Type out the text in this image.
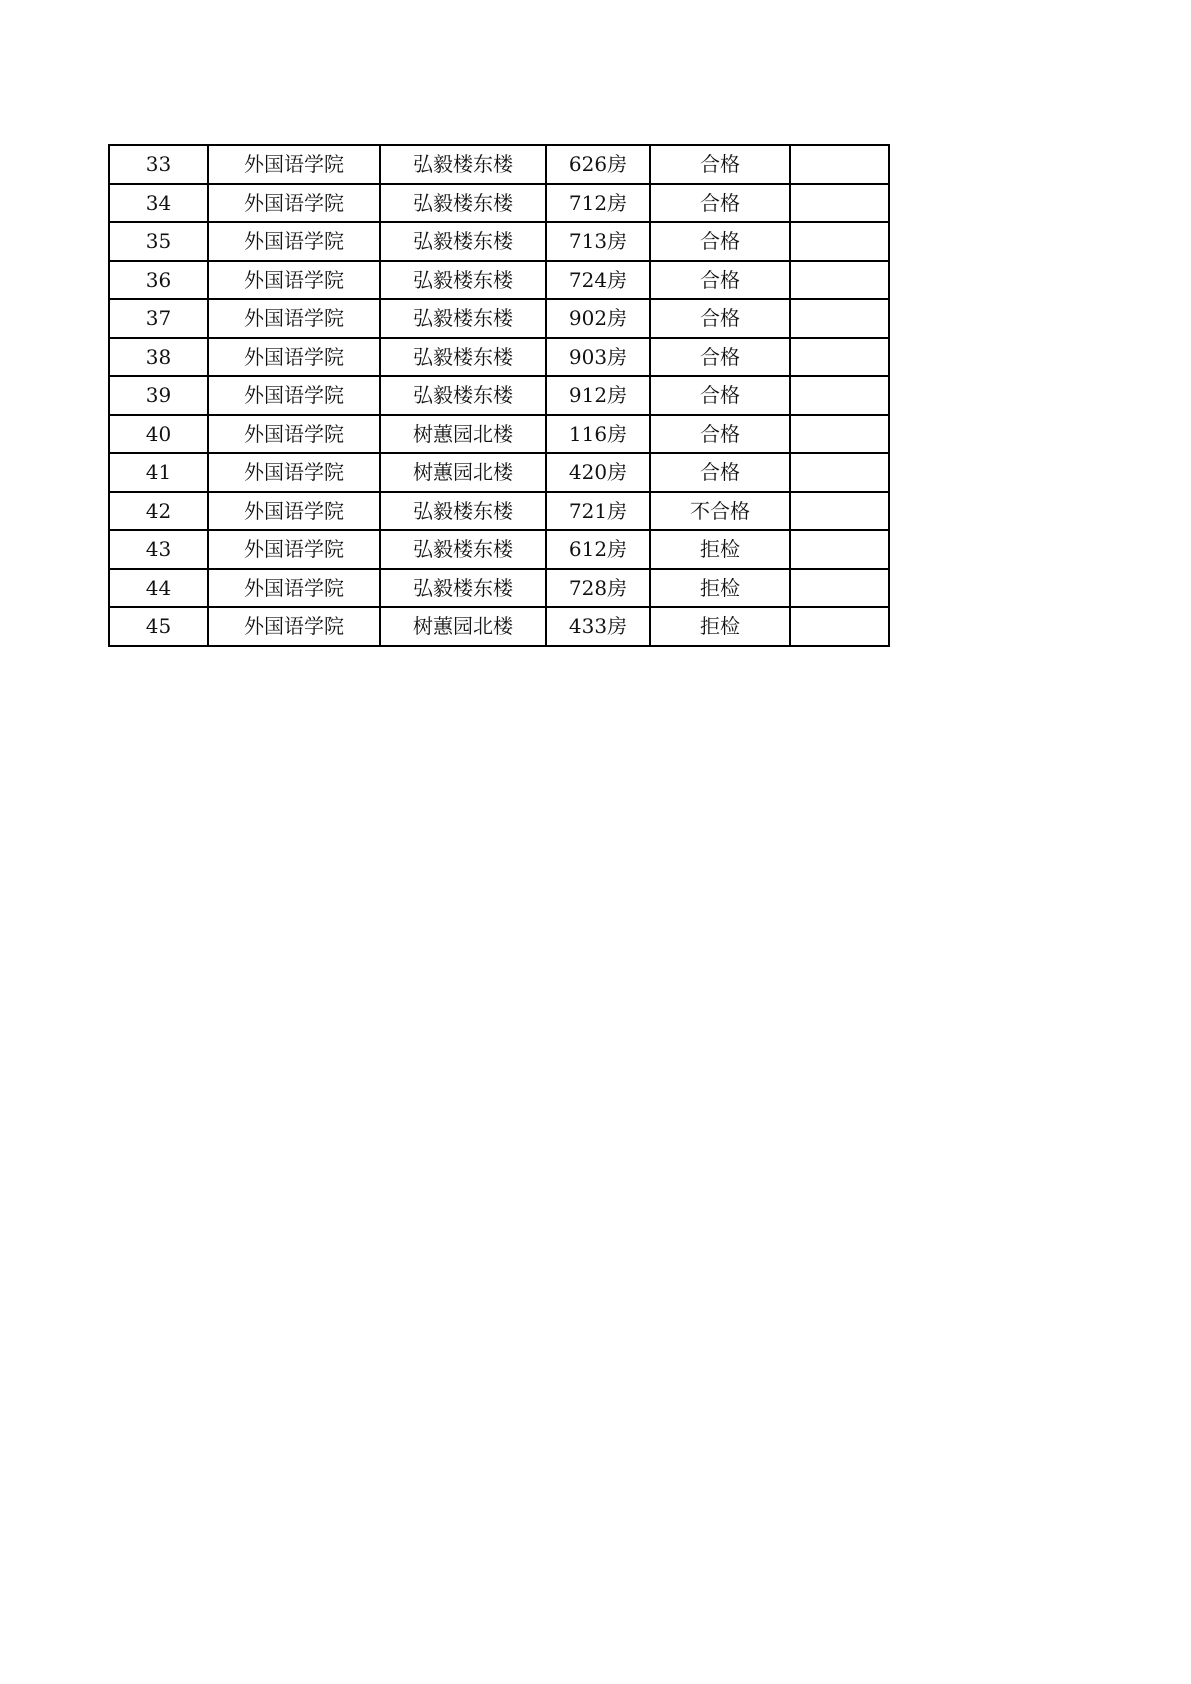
33	外国语学院	弘毅楼东楼	626房	合格	
34	外国语学院	弘毅楼东楼	712房	合格	
35	外国语学院	弘毅楼东楼	713房	合格	
36	外国语学院	弘毅楼东楼	724房	合格	
37	外国语学院	弘毅楼东楼	902房	合格	
38	外国语学院	弘毅楼东楼	903房	合格	
39	外国语学院	弘毅楼东楼	912房	合格	
40	外国语学院	树蕙园北楼	116房	合格	
41	外国语学院	树蕙园北楼	420房	合格	
42	外国语学院	弘毅楼东楼	721房	不合格	
43	外国语学院	弘毅楼东楼	612房	拒检	
44	外国语学院	弘毅楼东楼	728房	拒检	
45	外国语学院	树蕙园北楼	433房	拒检	
